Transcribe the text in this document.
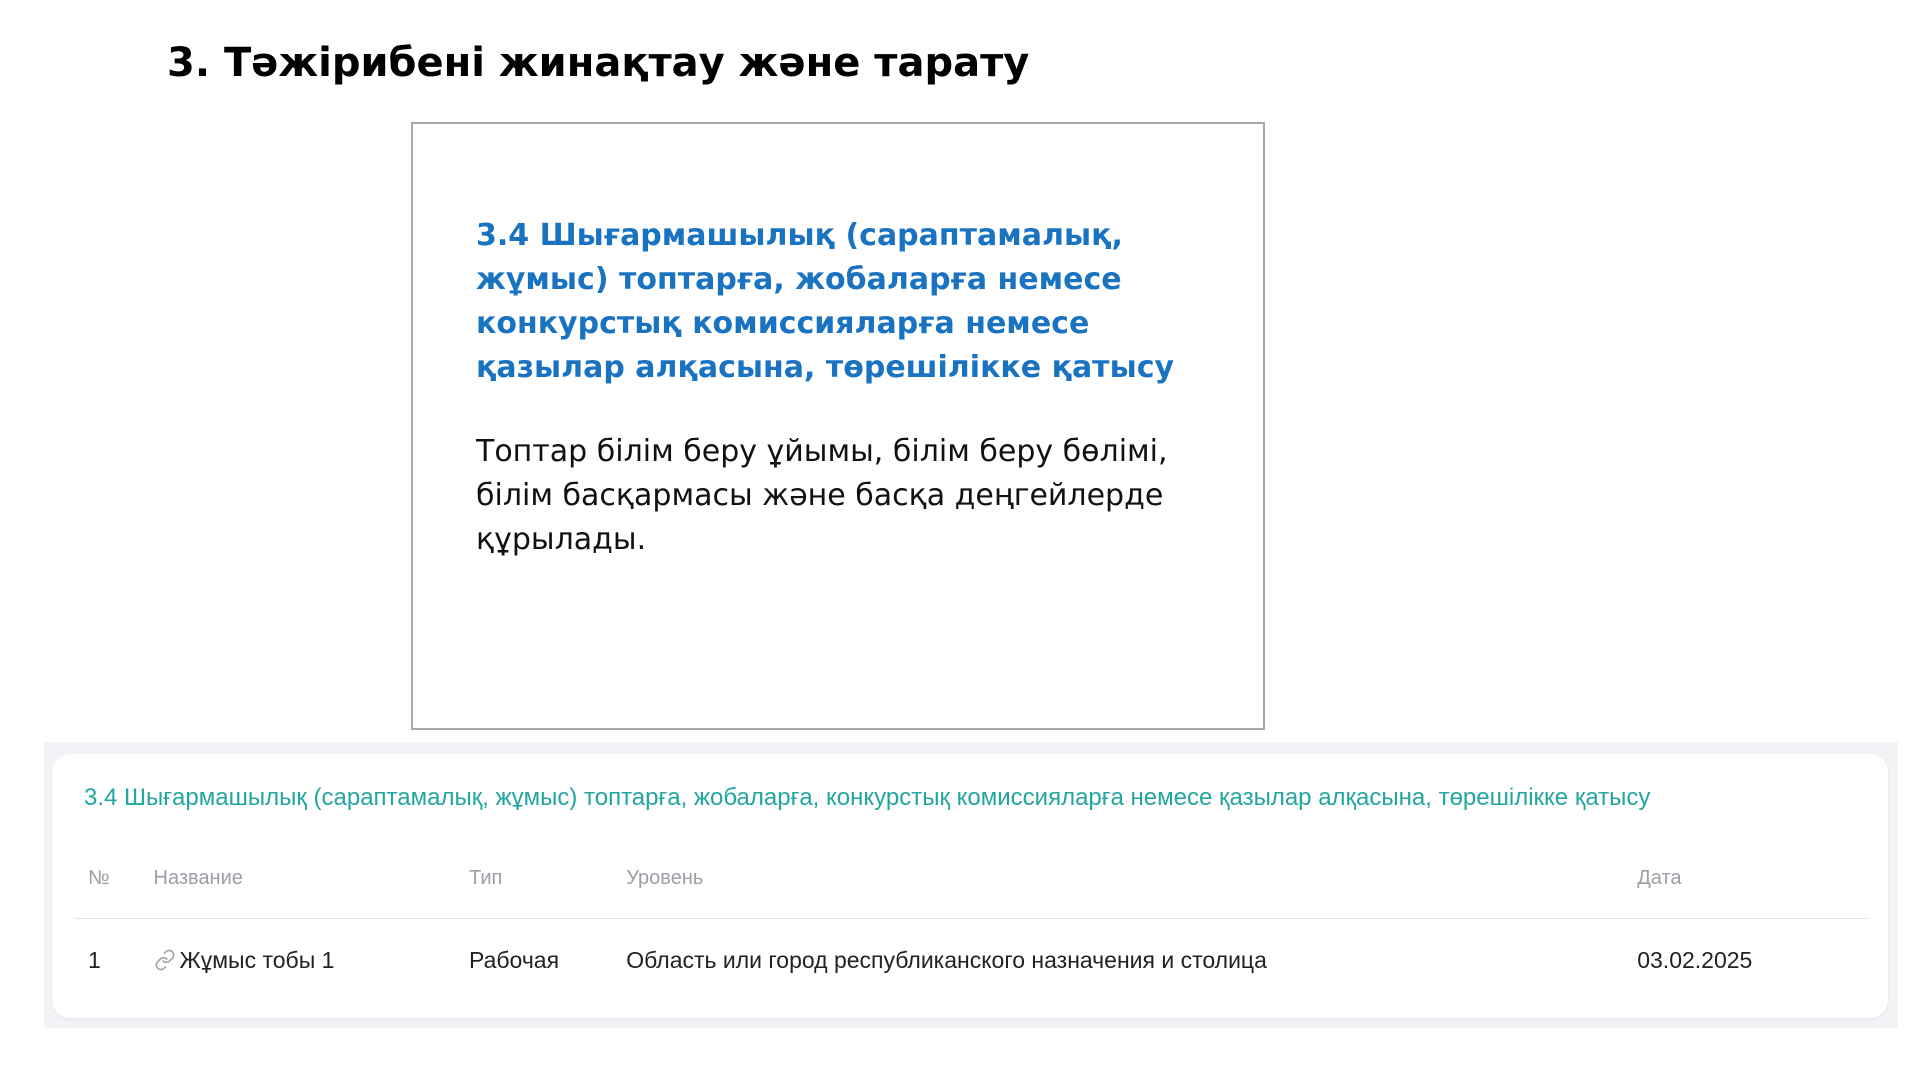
3. Тәжірибені жинақтау және тарату

3.4 Шығармашылық (сараптамалық, жұмыс) топтарға, жобаларға немесе конкурстық комиссияларға немесе қазылар алқасына, төрешілікке қатысу

Топтар білім беру ұйымы, білім беру бөлімі, білім басқармасы және басқа деңгейлерде құрылады.

3.4 Шығармашылық (сараптамалық, жұмыс) топтарға, жобаларға, конкурстық комиссияларға немесе қазылар алқасына, төрешілікке қатысу
№	Название	Тип	Уровень	Дата
1	Жұмыс тобы 1	Рабочая	Область или город республиканского назначения и столица	03.02.2025
